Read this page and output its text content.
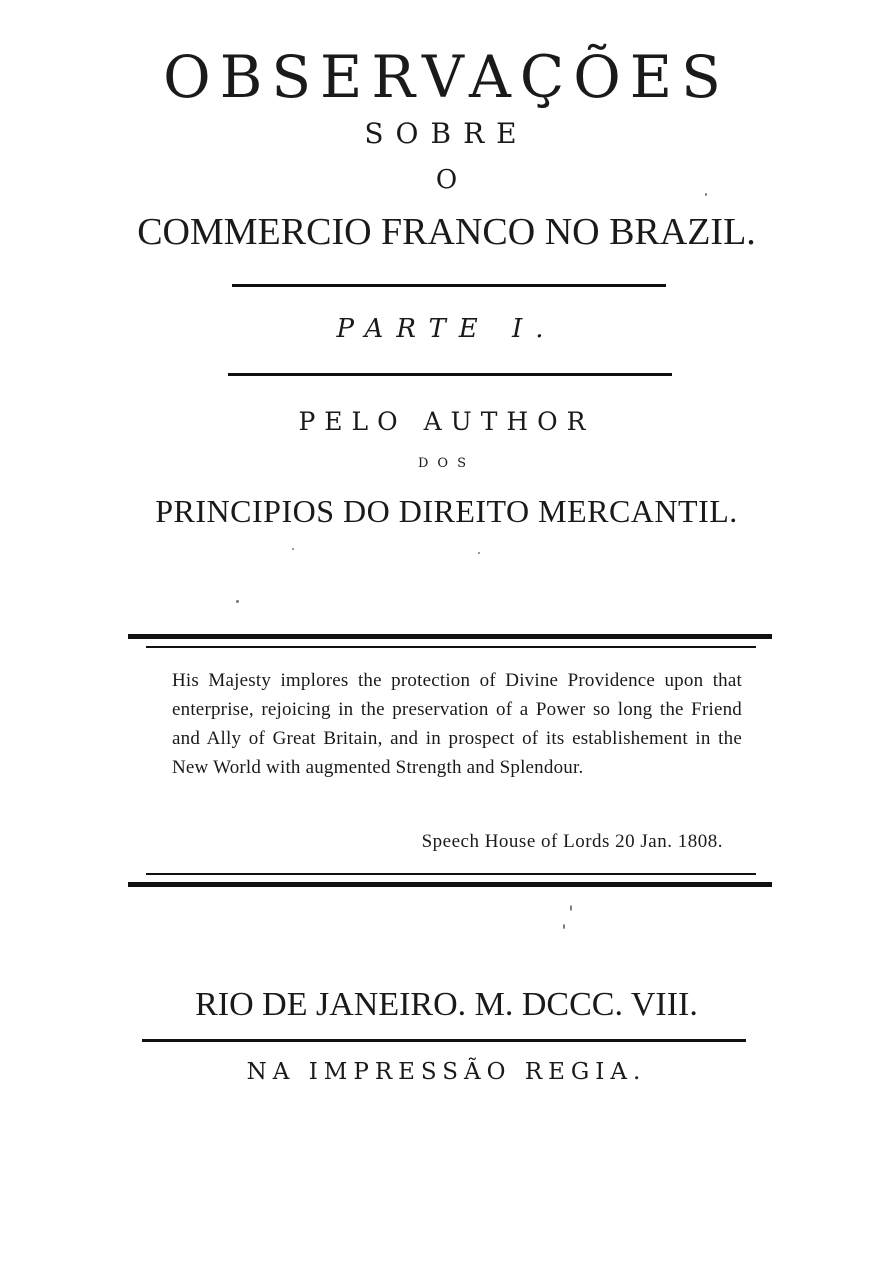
OBSERVAÇÕES
SOBRE
O
COMMERCIO FRANCO NO BRAZIL.
PARTE I.
PELO AUTHOR
DOS
PRINCIPIOS DO DIREITO MERCANTIL.

His Majesty implores the protection of Divine Providence upon that enterprise, rejoicing in the preservation of a Power so long the Friend and Ally of Great Britain, and in prospect of its establishement in the New World with augmented Strength and Splendour.

Speech House of Lords 20 Jan. 1808.
RIO DE JANEIRO. M. DCCC. VIII.
NA IMPRESSÃO REGIA.
